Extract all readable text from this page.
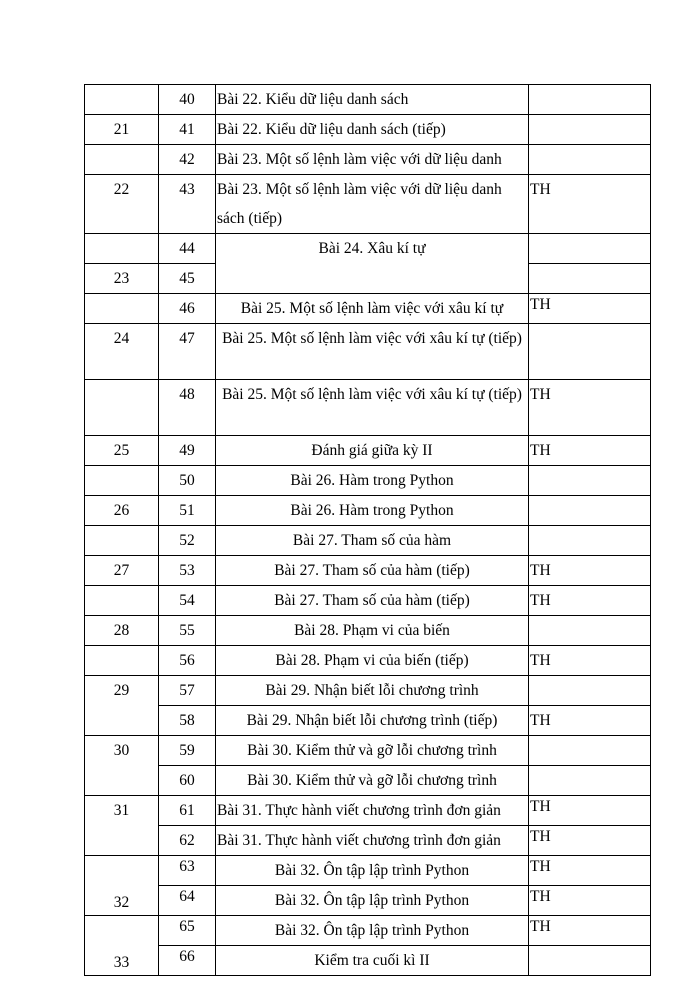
	40	Bài 22. Kiểu dữ liệu danh sách	
21	41	Bài 22. Kiểu dữ liệu danh sách (tiếp)	
	42	Bài 23. Một số lệnh làm việc với dữ liệu danh	
22	43	Bài 23. Một số lệnh làm việc với dữ liệu danh sách (tiếp)	TH
	44	Bài 24. Xâu kí tự	
23	45		
	46	Bài 25. Một số lệnh làm việc với xâu kí tự	TH
24	47	Bài 25. Một số lệnh làm việc với xâu kí tự (tiếp)	
	48	Bài 25. Một số lệnh làm việc với xâu kí tự (tiếp)	TH
25	49	Đánh giá giữa kỳ II	TH
	50	Bài 26. Hàm trong Python	
26	51	Bài 26. Hàm trong Python	
	52	Bài 27. Tham số của hàm	
27	53	Bài 27. Tham số của hàm (tiếp)	TH
	54	Bài 27. Tham số của hàm (tiếp)	TH
28	55	Bài 28. Phạm vi của biến	
	56	Bài 28. Phạm vi của biến (tiếp)	TH
29	57	Bài 29. Nhận biết lỗi chương trình	
	58	Bài 29. Nhận biết lỗi chương trình (tiếp)	TH
30	59	Bài 30. Kiểm thử và gỡ lỗi chương trình	
	60	Bài 30. Kiểm thử và gỡ lỗi chương trình	
31	61	Bài 31. Thực hành viết chương trình đơn giản	TH
	62	Bài 31. Thực hành viết chương trình đơn giản	TH
32	63	Bài 32. Ôn tập lập trình Python	TH
	64	Bài 32. Ôn tập lập trình Python	TH
33	65	Bài 32. Ôn tập lập trình Python	TH
	66	Kiểm tra cuối kì II	
